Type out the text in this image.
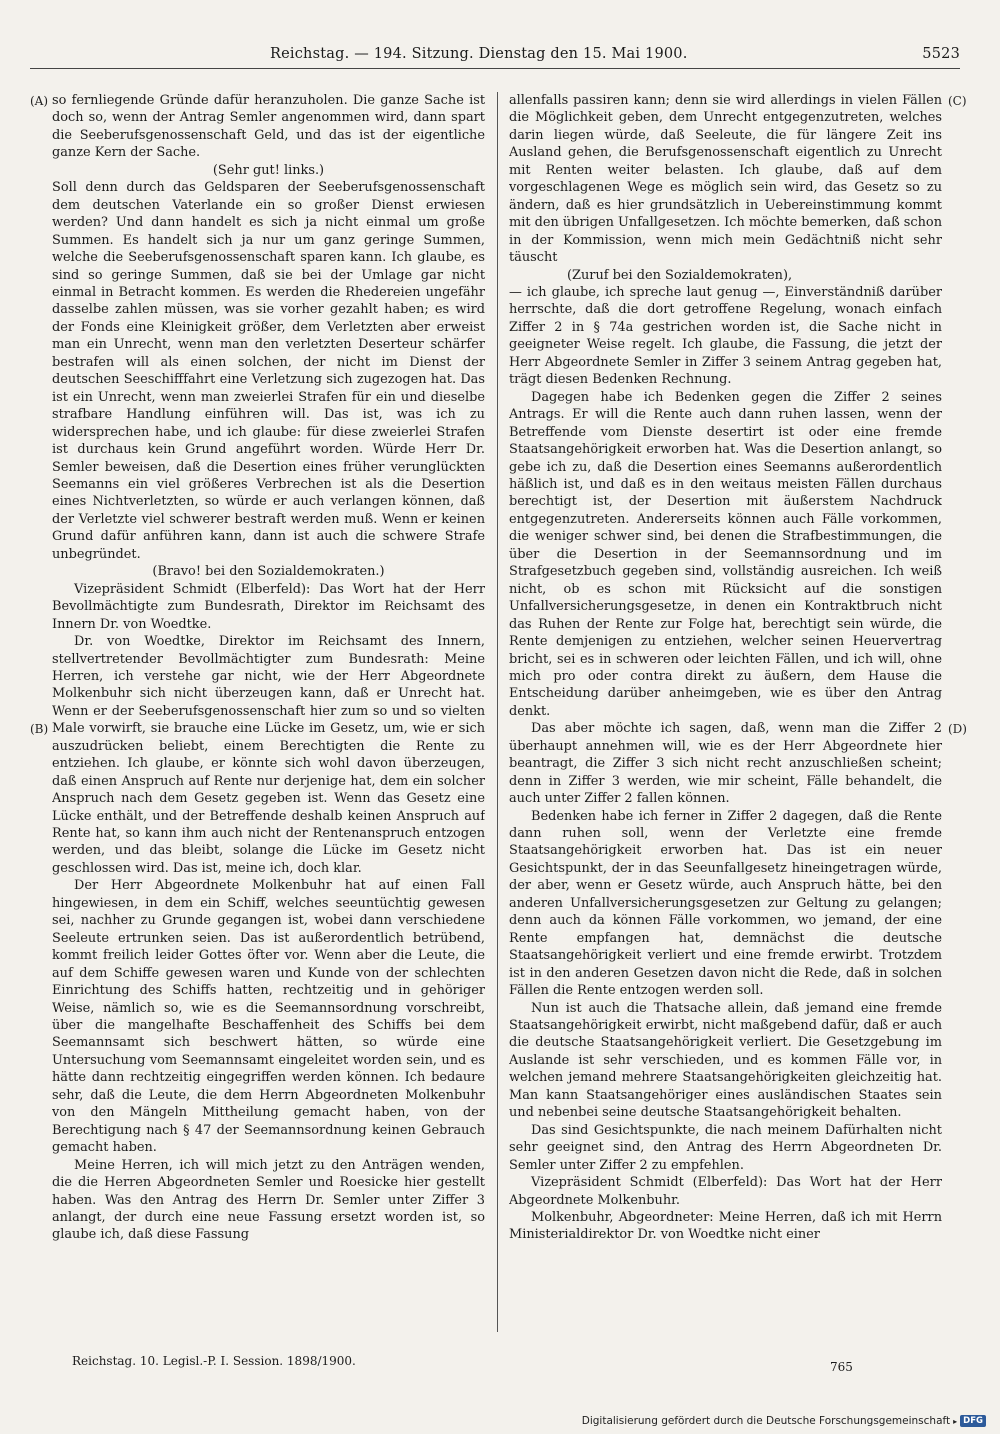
Reichstag. — 194. Sitzung. Dienstag den 15. Mai 1900.	5523
(A)
(B)
(C)
(D)

so fernliegende Gründe dafür heranzuholen. Die ganze Sache ist doch so, wenn der Antrag Semler angenommen wird, dann spart die Seeberufsgenossenschaft Geld, und das ist der eigentliche ganze Kern der Sache.

(Sehr gut! links.)

Soll denn durch das Geldsparen der Seeberufsgenossenschaft dem deutschen Vaterlande ein so großer Dienst erwiesen werden? Und dann handelt es sich ja nicht einmal um große Summen. Es handelt sich ja nur um ganz geringe Summen, welche die Seeberufsgenossenschaft sparen kann. Ich glaube, es sind so geringe Summen, daß sie bei der Umlage gar nicht einmal in Betracht kommen. Es werden die Rhedereien ungefähr dasselbe zahlen müssen, was sie vorher gezahlt haben; es wird der Fonds eine Kleinigkeit größer, dem Verletzten aber erweist man ein Unrecht, wenn man den verletzten Deserteur schärfer bestrafen will als einen solchen, der nicht im Dienst der deutschen Seeschifffahrt eine Verletzung sich zugezogen hat. Das ist ein Unrecht, wenn man zweierlei Strafen für ein und dieselbe strafbare Handlung einführen will. Das ist, was ich zu widersprechen habe, und ich glaube: für diese zweierlei Strafen ist durchaus kein Grund angeführt worden. Würde Herr Dr. Semler beweisen, daß die Desertion eines früher verunglückten Seemanns ein viel größeres Verbrechen ist als die Desertion eines Nichtverletzten, so würde er auch verlangen können, daß der Verletzte viel schwerer bestraft werden muß. Wenn er keinen Grund dafür anführen kann, dann ist auch die schwere Strafe unbegründet.

(Bravo! bei den Sozialdemokraten.)

Vizepräsident Schmidt (Elberfeld): Das Wort hat der Herr Bevollmächtigte zum Bundesrath, Direktor im Reichsamt des Innern Dr. von Woedtke.

Dr. von Woedtke, Direktor im Reichsamt des Innern, stellvertretender Bevollmächtigter zum Bundesrath: Meine Herren, ich verstehe gar nicht, wie der Herr Abgeordnete Molkenbuhr sich nicht überzeugen kann, daß er Unrecht hat. Wenn er der Seeberufsgenossenschaft hier zum so und so vielten Male vorwirft, sie brauche eine Lücke im Gesetz, um, wie er sich auszudrücken beliebt, einem Berechtigten die Rente zu entziehen. Ich glaube, er könnte sich wohl davon überzeugen, daß einen Anspruch auf Rente nur derjenige hat, dem ein solcher Anspruch nach dem Gesetz gegeben ist. Wenn das Gesetz eine Lücke enthält, und der Betreffende deshalb keinen Anspruch auf Rente hat, so kann ihm auch nicht der Rentenanspruch entzogen werden, und das bleibt, solange die Lücke im Gesetz nicht geschlossen wird. Das ist, meine ich, doch klar.

Der Herr Abgeordnete Molkenbuhr hat auf einen Fall hingewiesen, in dem ein Schiff, welches seeuntüchtig gewesen sei, nachher zu Grunde gegangen ist, wobei dann verschiedene Seeleute ertrunken seien. Das ist außerordentlich betrübend, kommt freilich leider Gottes öfter vor. Wenn aber die Leute, die auf dem Schiffe gewesen waren und Kunde von der schlechten Einrichtung des Schiffs hatten, rechtzeitig und in gehöriger Weise, nämlich so, wie es die Seemannsordnung vorschreibt, über die mangelhafte Beschaffenheit des Schiffs bei dem Seemannsamt sich beschwert hätten, so würde eine Untersuchung vom Seemannsamt eingeleitet worden sein, und es hätte dann rechtzeitig eingegriffen werden können. Ich bedaure sehr, daß die Leute, die dem Herrn Abgeordneten Molkenbuhr von den Mängeln Mittheilung gemacht haben, von der Berechtigung nach § 47 der Seemannsordnung keinen Gebrauch gemacht haben.

Meine Herren, ich will mich jetzt zu den Anträgen wenden, die die Herren Abgeordneten Semler und Roesicke hier gestellt haben. Was den Antrag des Herrn Dr. Semler unter Ziffer 3 anlangt, der durch eine neue Fassung ersetzt worden ist, so glaube ich, daß diese Fassung

allenfalls passiren kann; denn sie wird allerdings in vielen Fällen die Möglichkeit geben, dem Unrecht entgegenzutreten, welches darin liegen würde, daß Seeleute, die für längere Zeit ins Ausland gehen, die Berufsgenossenschaft eigentlich zu Unrecht mit Renten weiter belasten. Ich glaube, daß auf dem vorgeschlagenen Wege es möglich sein wird, das Gesetz so zu ändern, daß es hier grundsätzlich in Uebereinstimmung kommt mit den übrigen Unfallgesetzen. Ich möchte bemerken, daß schon in der Kommission, wenn mich mein Gedächtniß nicht sehr täuscht

(Zuruf bei den Sozialdemokraten),

— ich glaube, ich spreche laut genug —, Einverständniß darüber herrschte, daß die dort getroffene Regelung, wonach einfach Ziffer 2 in § 74a gestrichen worden ist, die Sache nicht in geeigneter Weise regelt. Ich glaube, die Fassung, die jetzt der Herr Abgeordnete Semler in Ziffer 3 seinem Antrag gegeben hat, trägt diesen Bedenken Rechnung.

Dagegen habe ich Bedenken gegen die Ziffer 2 seines Antrags. Er will die Rente auch dann ruhen lassen, wenn der Betreffende vom Dienste desertirt ist oder eine fremde Staatsangehörigkeit erworben hat. Was die Desertion anlangt, so gebe ich zu, daß die Desertion eines Seemanns außerordentlich häßlich ist, und daß es in den weitaus meisten Fällen durchaus berechtigt ist, der Desertion mit äußerstem Nachdruck entgegenzutreten. Andererseits können auch Fälle vorkommen, die weniger schwer sind, bei denen die Strafbestimmungen, die über die Desertion in der Seemannsordnung und im Strafgesetzbuch gegeben sind, vollständig ausreichen. Ich weiß nicht, ob es schon mit Rücksicht auf die sonstigen Unfallversicherungsgesetze, in denen ein Kontraktbruch nicht das Ruhen der Rente zur Folge hat, berechtigt sein würde, die Rente demjenigen zu entziehen, welcher seinen Heuervertrag bricht, sei es in schweren oder leichten Fällen, und ich will, ohne mich pro oder contra direkt zu äußern, dem Hause die Entscheidung darüber anheimgeben, wie es über den Antrag denkt.

Das aber möchte ich sagen, daß, wenn man die Ziffer 2 überhaupt annehmen will, wie es der Herr Abgeordnete hier beantragt, die Ziffer 3 sich nicht recht anzuschließen scheint; denn in Ziffer 3 werden, wie mir scheint, Fälle behandelt, die auch unter Ziffer 2 fallen können.

Bedenken habe ich ferner in Ziffer 2 dagegen, daß die Rente dann ruhen soll, wenn der Verletzte eine fremde Staatsangehörigkeit erworben hat. Das ist ein neuer Gesichtspunkt, der in das Seeunfallgesetz hineingetragen würde, der aber, wenn er Gesetz würde, auch Anspruch hätte, bei den anderen Unfallversicherungsgesetzen zur Geltung zu gelangen; denn auch da können Fälle vorkommen, wo jemand, der eine Rente empfangen hat, demnächst die deutsche Staatsangehörigkeit verliert und eine fremde erwirbt. Trotzdem ist in den anderen Gesetzen davon nicht die Rede, daß in solchen Fällen die Rente entzogen werden soll.

Nun ist auch die Thatsache allein, daß jemand eine fremde Staatsangehörigkeit erwirbt, nicht maßgebend dafür, daß er auch die deutsche Staatsangehörigkeit verliert. Die Gesetzgebung im Auslande ist sehr verschieden, und es kommen Fälle vor, in welchen jemand mehrere Staatsangehörigkeiten gleichzeitig hat. Man kann Staatsangehöriger eines ausländischen Staates sein und nebenbei seine deutsche Staatsangehörigkeit behalten.

Das sind Gesichtspunkte, die nach meinem Dafürhalten nicht sehr geeignet sind, den Antrag des Herrn Abgeordneten Dr. Semler unter Ziffer 2 zu empfehlen.

Vizepräsident Schmidt (Elberfeld): Das Wort hat der Herr Abgeordnete Molkenbuhr.

Molkenbuhr, Abgeordneter: Meine Herren, daß ich mit Herrn Ministerialdirektor Dr. von Woedtke nicht einer

Reichstag. 10. Legisl.-P. I. Session. 1898/1900.	765
Digitalisierung gefördert durch die Deutsche Forschungsgemeinschaft ▸ DFG
